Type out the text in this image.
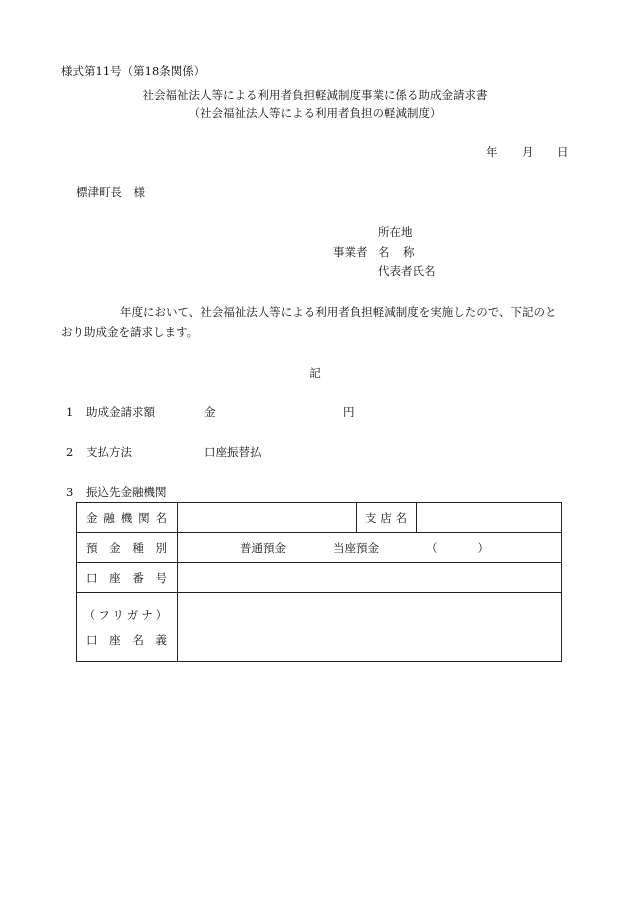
様式第11号（第18条関係）
社会福祉法人等による利用者負担軽減制度事業に係る助成金請求書
（社会福祉法人等による利用者負担の軽減制度）
年 月 日
標津町長　様
所在地
事業者 名 称
代表者氏名
年度において、社会福祉法人等による利用者負担軽減制度を実施したので、下記のと
おり助成金を請求します。
記
1 助成金請求額	金	円
2 支払方法	口座振替払
3 振込先金融機関
金 融 機 関 名		支 店 名	

預 金 種 別	普通預金 当座預金 （ ）		

口 座 番 号			

（フリガナ）
口 座 名 義			
